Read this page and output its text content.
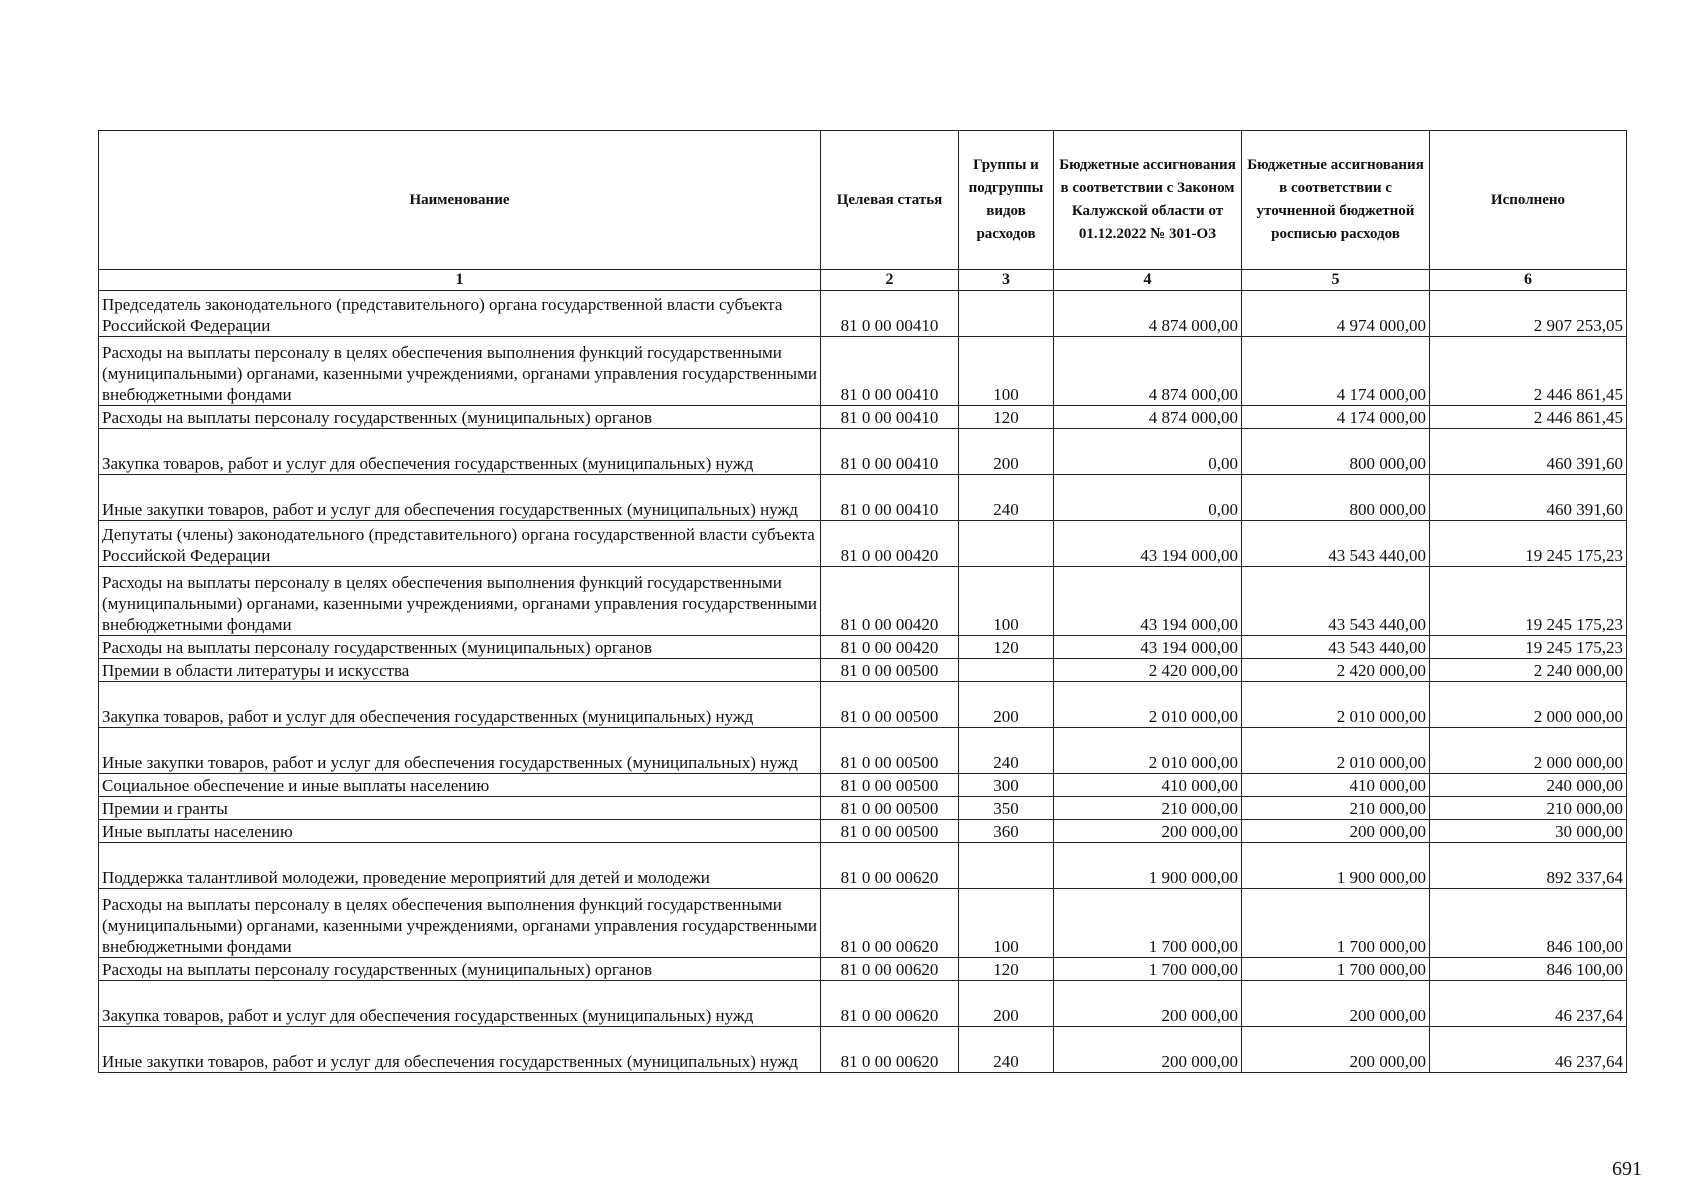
Наименование	Целевая статья	Группы и подгруппы видов расходов	Бюджетные ассигнования в соответствии с Законом Калужской области от 01.12.2022 № 301-ОЗ	Бюджетные ассигнования в соответствии с уточненной бюджетной росписью расходов	Исполнено
1	2	3	4	5	6
Председатель законодательного (представительного) органа государственной власти субъекта Российской Федерации	81 0 00 00410		4 874 000,00	4 974 000,00	2 907 253,05
Расходы на выплаты персоналу в целях обеспечения выполнения функций государственными (муниципальными) органами, казенными учреждениями, органами управления государственными внебюджетными фондами	81 0 00 00410	100	4 874 000,00	4 174 000,00	2 446 861,45
Расходы на выплаты персоналу государственных (муниципальных) органов	81 0 00 00410	120	4 874 000,00	4 174 000,00	2 446 861,45
Закупка товаров, работ и услуг для обеспечения государственных (муниципальных) нужд	81 0 00 00410	200	0,00	800 000,00	460 391,60
Иные закупки товаров, работ и услуг для обеспечения государственных (муниципальных) нужд	81 0 00 00410	240	0,00	800 000,00	460 391,60
Депутаты (члены) законодательного (представительного) органа государственной власти субъекта Российской Федерации	81 0 00 00420		43 194 000,00	43 543 440,00	19 245 175,23
Расходы на выплаты персоналу в целях обеспечения выполнения функций государственными (муниципальными) органами, казенными учреждениями, органами управления государственными внебюджетными фондами	81 0 00 00420	100	43 194 000,00	43 543 440,00	19 245 175,23
Расходы на выплаты персоналу государственных (муниципальных) органов	81 0 00 00420	120	43 194 000,00	43 543 440,00	19 245 175,23
Премии в области литературы и искусства	81 0 00 00500		2 420 000,00	2 420 000,00	2 240 000,00
Закупка товаров, работ и услуг для обеспечения государственных (муниципальных) нужд	81 0 00 00500	200	2 010 000,00	2 010 000,00	2 000 000,00
Иные закупки товаров, работ и услуг для обеспечения государственных (муниципальных) нужд	81 0 00 00500	240	2 010 000,00	2 010 000,00	2 000 000,00
Социальное обеспечение и иные выплаты населению	81 0 00 00500	300	410 000,00	410 000,00	240 000,00
Премии и гранты	81 0 00 00500	350	210 000,00	210 000,00	210 000,00
Иные выплаты населению	81 0 00 00500	360	200 000,00	200 000,00	30 000,00
Поддержка талантливой молодежи, проведение мероприятий для детей и молодежи	81 0 00 00620		1 900 000,00	1 900 000,00	892 337,64
Расходы на выплаты персоналу в целях обеспечения выполнения функций государственными (муниципальными) органами, казенными учреждениями, органами управления государственными внебюджетными фондами	81 0 00 00620	100	1 700 000,00	1 700 000,00	846 100,00
Расходы на выплаты персоналу государственных (муниципальных) органов	81 0 00 00620	120	1 700 000,00	1 700 000,00	846 100,00
Закупка товаров, работ и услуг для обеспечения государственных (муниципальных) нужд	81 0 00 00620	200	200 000,00	200 000,00	46 237,64
Иные закупки товаров, работ и услуг для обеспечения государственных (муниципальных) нужд	81 0 00 00620	240	200 000,00	200 000,00	46 237,64
691
